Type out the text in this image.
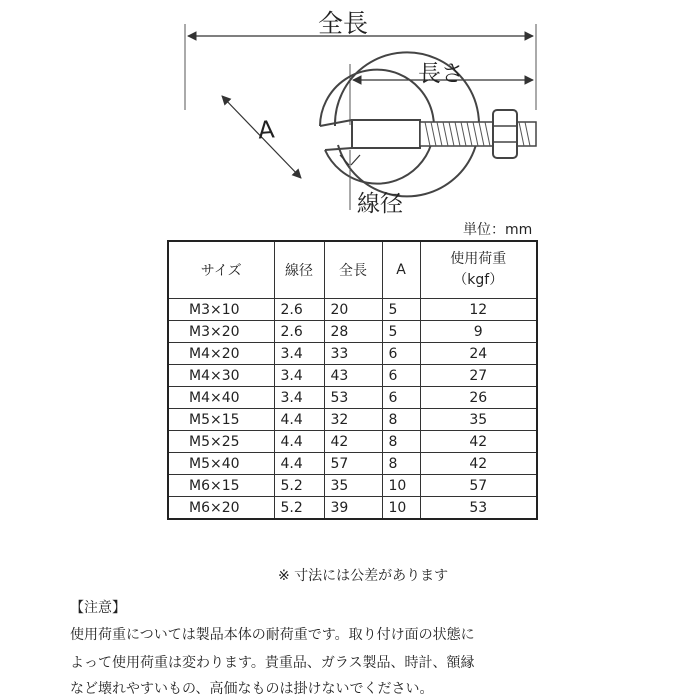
全長
長さ
A
線径
単位：mm
サイズ	線径	全長	A	使用荷重
（kgf）

M3×10	2.6	20	5	12
M3×20	2.6	28	5	9
M4×20	3.4	33	6	24
M4×30	3.4	43	6	27
M4×40	3.4	53	6	26
M5×15	4.4	32	8	35
M5×25	4.4	42	8	42
M5×40	4.4	57	8	42
M6×15	5.2	35	10	57
M6×20	5.2	39	10	53
※ 寸法には公差があります
【注意】
使用荷重については製品本体の耐荷重です。取り付け面の状態に
よって使用荷重は変わります。貴重品、ガラス製品、時計、額縁
など壊れやすいもの、高価なものは掛けないでください。
